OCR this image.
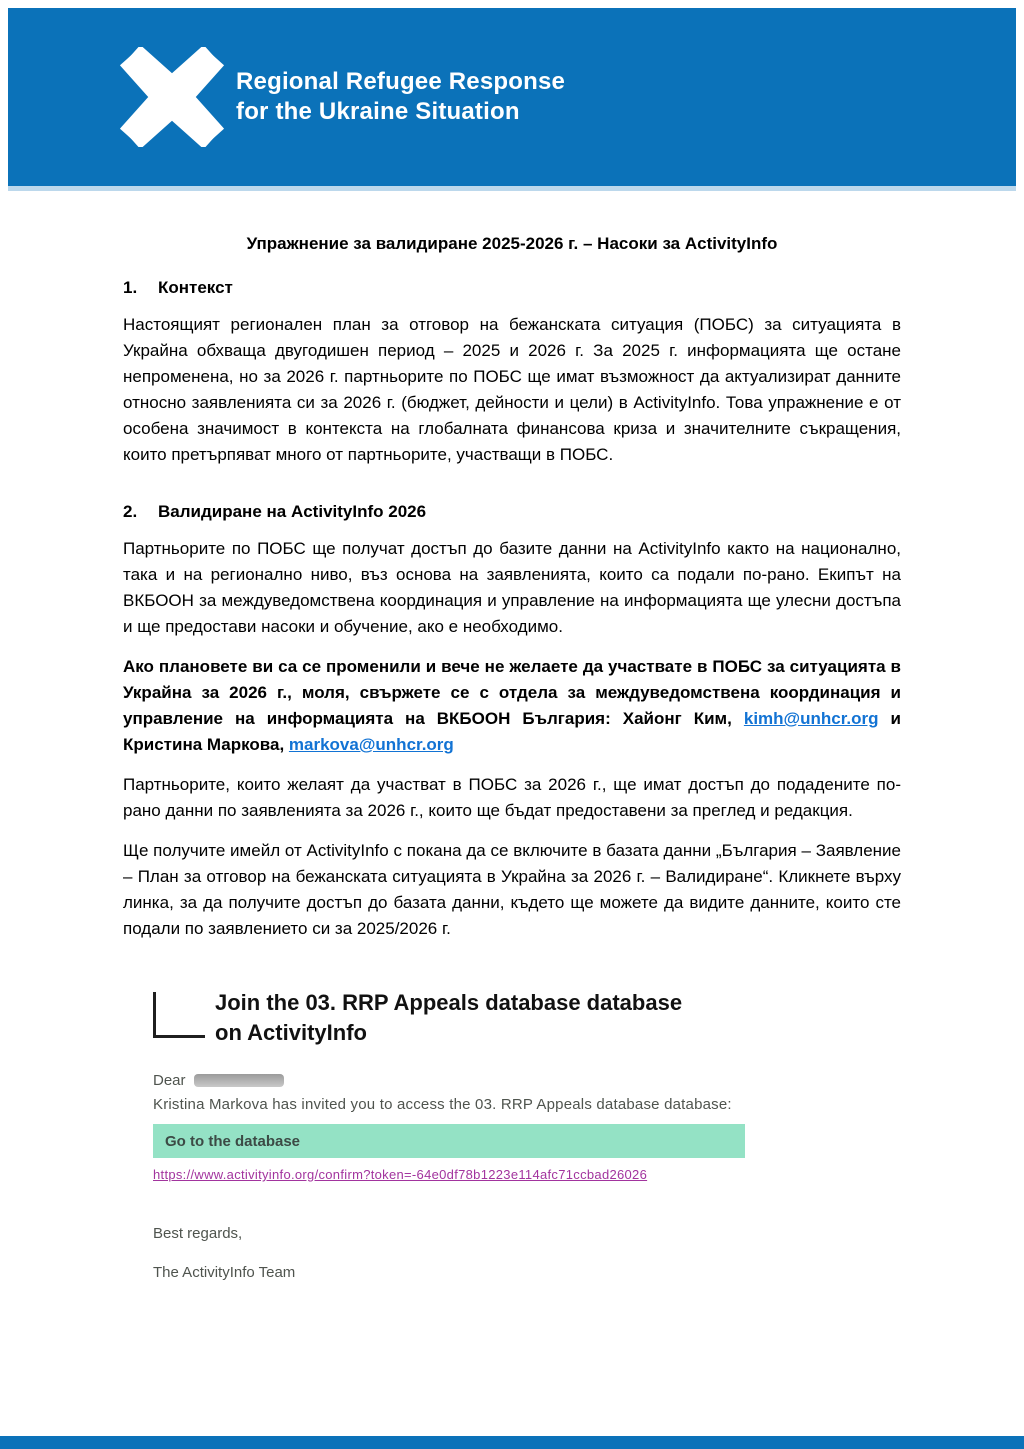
Regional Refugee Response
for the Ukraine Situation
Упражнение за валидиране 2025-2026 г. – Насоки за ActivityInfo
1. Контекст

Настоящият регионален план за отговор на бежанската ситуация (ПОБС) за ситуацията в Украйна обхваща двугодишен период – 2025 и 2026 г. За 2025 г. информацията ще остане непроменена, но за 2026 г. партньорите по ПОБС ще имат възможност да актуализират данните относно заявленията си за 2026 г. (бюджет, дейности и цели) в ActivityInfo. Това упражнение е от особена значимост в контекста на глобалната финансова криза и значителните съкращения, които претърпяват много от партньорите, участващи в ПОБС.

2. Валидиране на ActivityInfo 2026

Партньорите по ПОБС ще получат достъп до базите данни на ActivityInfo както на национално, така и на регионално ниво, въз основа на заявленията, които са подали по-рано. Екипът на ВКБООН за междуведомствена координация и управление на информацията ще улесни достъпа и ще предостави насоки и обучение, ако е необходимо.

Ако плановете ви са се променили и вече не желаете да участвате в ПОБС за ситуацията в Украйна за 2026 г., моля, свържете се с отдела за междуведомствена координация и управление на информацията на ВКБООН България: Хайонг Ким, kimh@unhcr.org и Кристина Маркова, markova@unhcr.org

Партньорите, които желаят да участват в ПОБС за 2026 г., ще имат достъп до подадените по-рано данни по заявленията за 2026 г., които ще бъдат предоставени за преглед и редакция.

Ще получите имейл от ActivityInfo с покана да се включите в базата данни „България – Заявление – План за отговор на бежанската ситуацията в Украйна за 2026 г. – Валидиране“. Кликнете върху линка, за да получите достъп до базата данни, където ще можете да видите данните, които сте подали по заявлението си за 2025/2026 г.

Join the 03. RRP Appeals database database
on ActivityInfo
Dear
Kristina Markova has invited you to access the 03. RRP Appeals database database:
Go to the database
https://www.activityinfo.org/confirm?token=-64e0df78b1223e114afc71ccbad26026
Best regards,
The ActivityInfo Team
